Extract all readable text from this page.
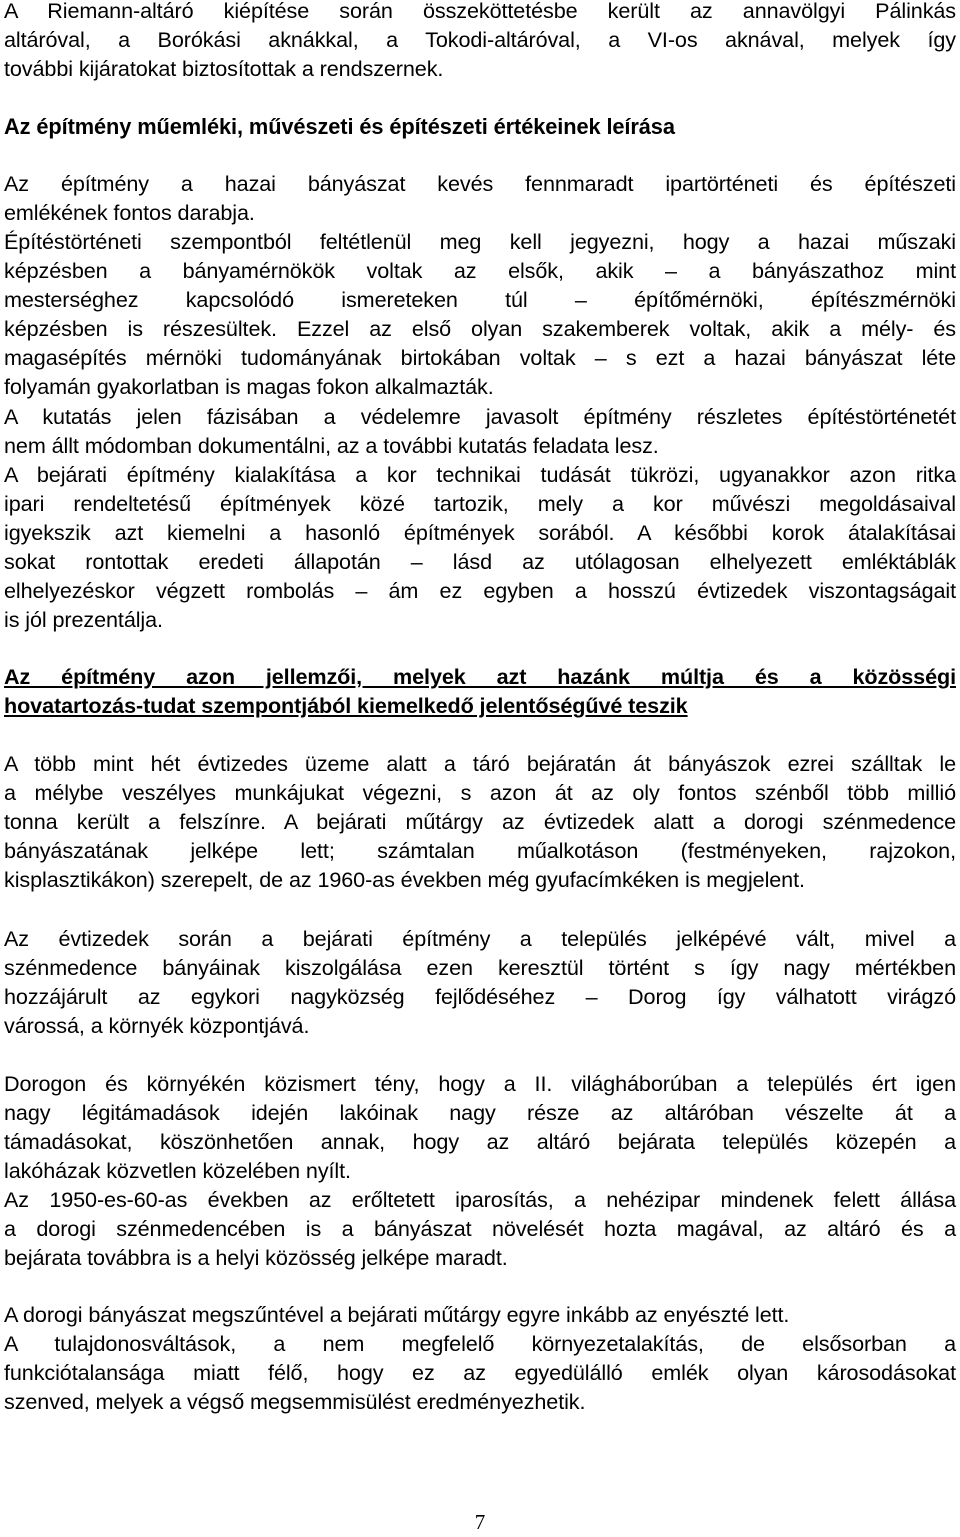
A Riemann-altáró kiépítése során összeköttetésbe került az annavölgyi Pálinkás
altáróval, a Borókási aknákkal, a Tokodi-altáróval, a VI-os aknával, melyek így
további kijáratokat biztosítottak a rendszernek.
Az építmény műemléki, művészeti és építészeti értékeinek leírása
Az építmény a hazai bányászat kevés fennmaradt ipartörténeti és építészeti
emlékének fontos darabja.
Építéstörténeti szempontból feltétlenül meg kell jegyezni, hogy a hazai műszaki
képzésben a bányamérnökök voltak az elsők, akik – a bányászathoz mint
mesterséghez kapcsolódó ismereteken túl – építőmérnöki, építészmérnöki
képzésben is részesültek. Ezzel az első olyan szakemberek voltak, akik a mély- és
magasépítés mérnöki tudományának birtokában voltak – s ezt a hazai bányászat léte
folyamán gyakorlatban is magas fokon alkalmazták.
A kutatás jelen fázisában a védelemre javasolt építmény részletes építéstörténetét
nem állt módomban dokumentálni, az a további kutatás feladata lesz.
A bejárati építmény kialakítása a kor technikai tudását tükrözi, ugyanakkor azon ritka
ipari rendeltetésű építmények közé tartozik, mely a kor művészi megoldásaival
igyekszik azt kiemelni a hasonló építmények sorából. A későbbi korok átalakításai
sokat rontottak eredeti állapotán – lásd az utólagosan elhelyezett emléktáblák
elhelyezéskor végzett rombolás – ám ez egyben a hosszú évtizedek viszontagságait
is jól prezentálja.
Az építmény azon jellemzői, melyek azt hazánk múltja és a közösségi
hovatartozás-tudat szempontjából kiemelkedő jelentőségűvé teszik
A több mint hét évtizedes üzeme alatt a táró bejáratán át bányászok ezrei szálltak le
a mélybe veszélyes munkájukat végezni, s azon át az oly fontos szénből több millió
tonna került a felszínre. A bejárati műtárgy az évtizedek alatt a dorogi szénmedence
bányászatának jelképe lett; számtalan műalkotáson (festményeken, rajzokon,
kisplasztikákon) szerepelt, de az 1960-as években még gyufacímkéken is megjelent.
Az évtizedek során a bejárati építmény a település jelképévé vált, mivel a
szénmedence bányáinak kiszolgálása ezen keresztül történt s így nagy mértékben
hozzájárult az egykori nagyközség fejlődéséhez – Dorog így válhatott virágzó
várossá, a környék központjává.
Dorogon és környékén közismert tény, hogy a II. világháborúban a település ért igen
nagy légitámadások idején lakóinak nagy része az altáróban vészelte át a
támadásokat, köszönhetően annak, hogy az altáró bejárata település közepén a
lakóházak közvetlen közelében nyílt.
Az 1950-es-60-as években az erőltetett iparosítás, a nehézipar mindenek felett állása
a dorogi szénmedencében is a bányászat növelését hozta magával, az altáró és a
bejárata továbbra is a helyi közösség jelképe maradt.
A dorogi bányászat megszűntével a bejárati műtárgy egyre inkább az enyészté lett.
A tulajdonosváltások, a nem megfelelő környezetalakítás, de elsősorban a
funkciótalansága miatt félő, hogy ez az egyedülálló emlék olyan károsodásokat
szenved, melyek a végső megsemmisülést eredményezhetik.
7
